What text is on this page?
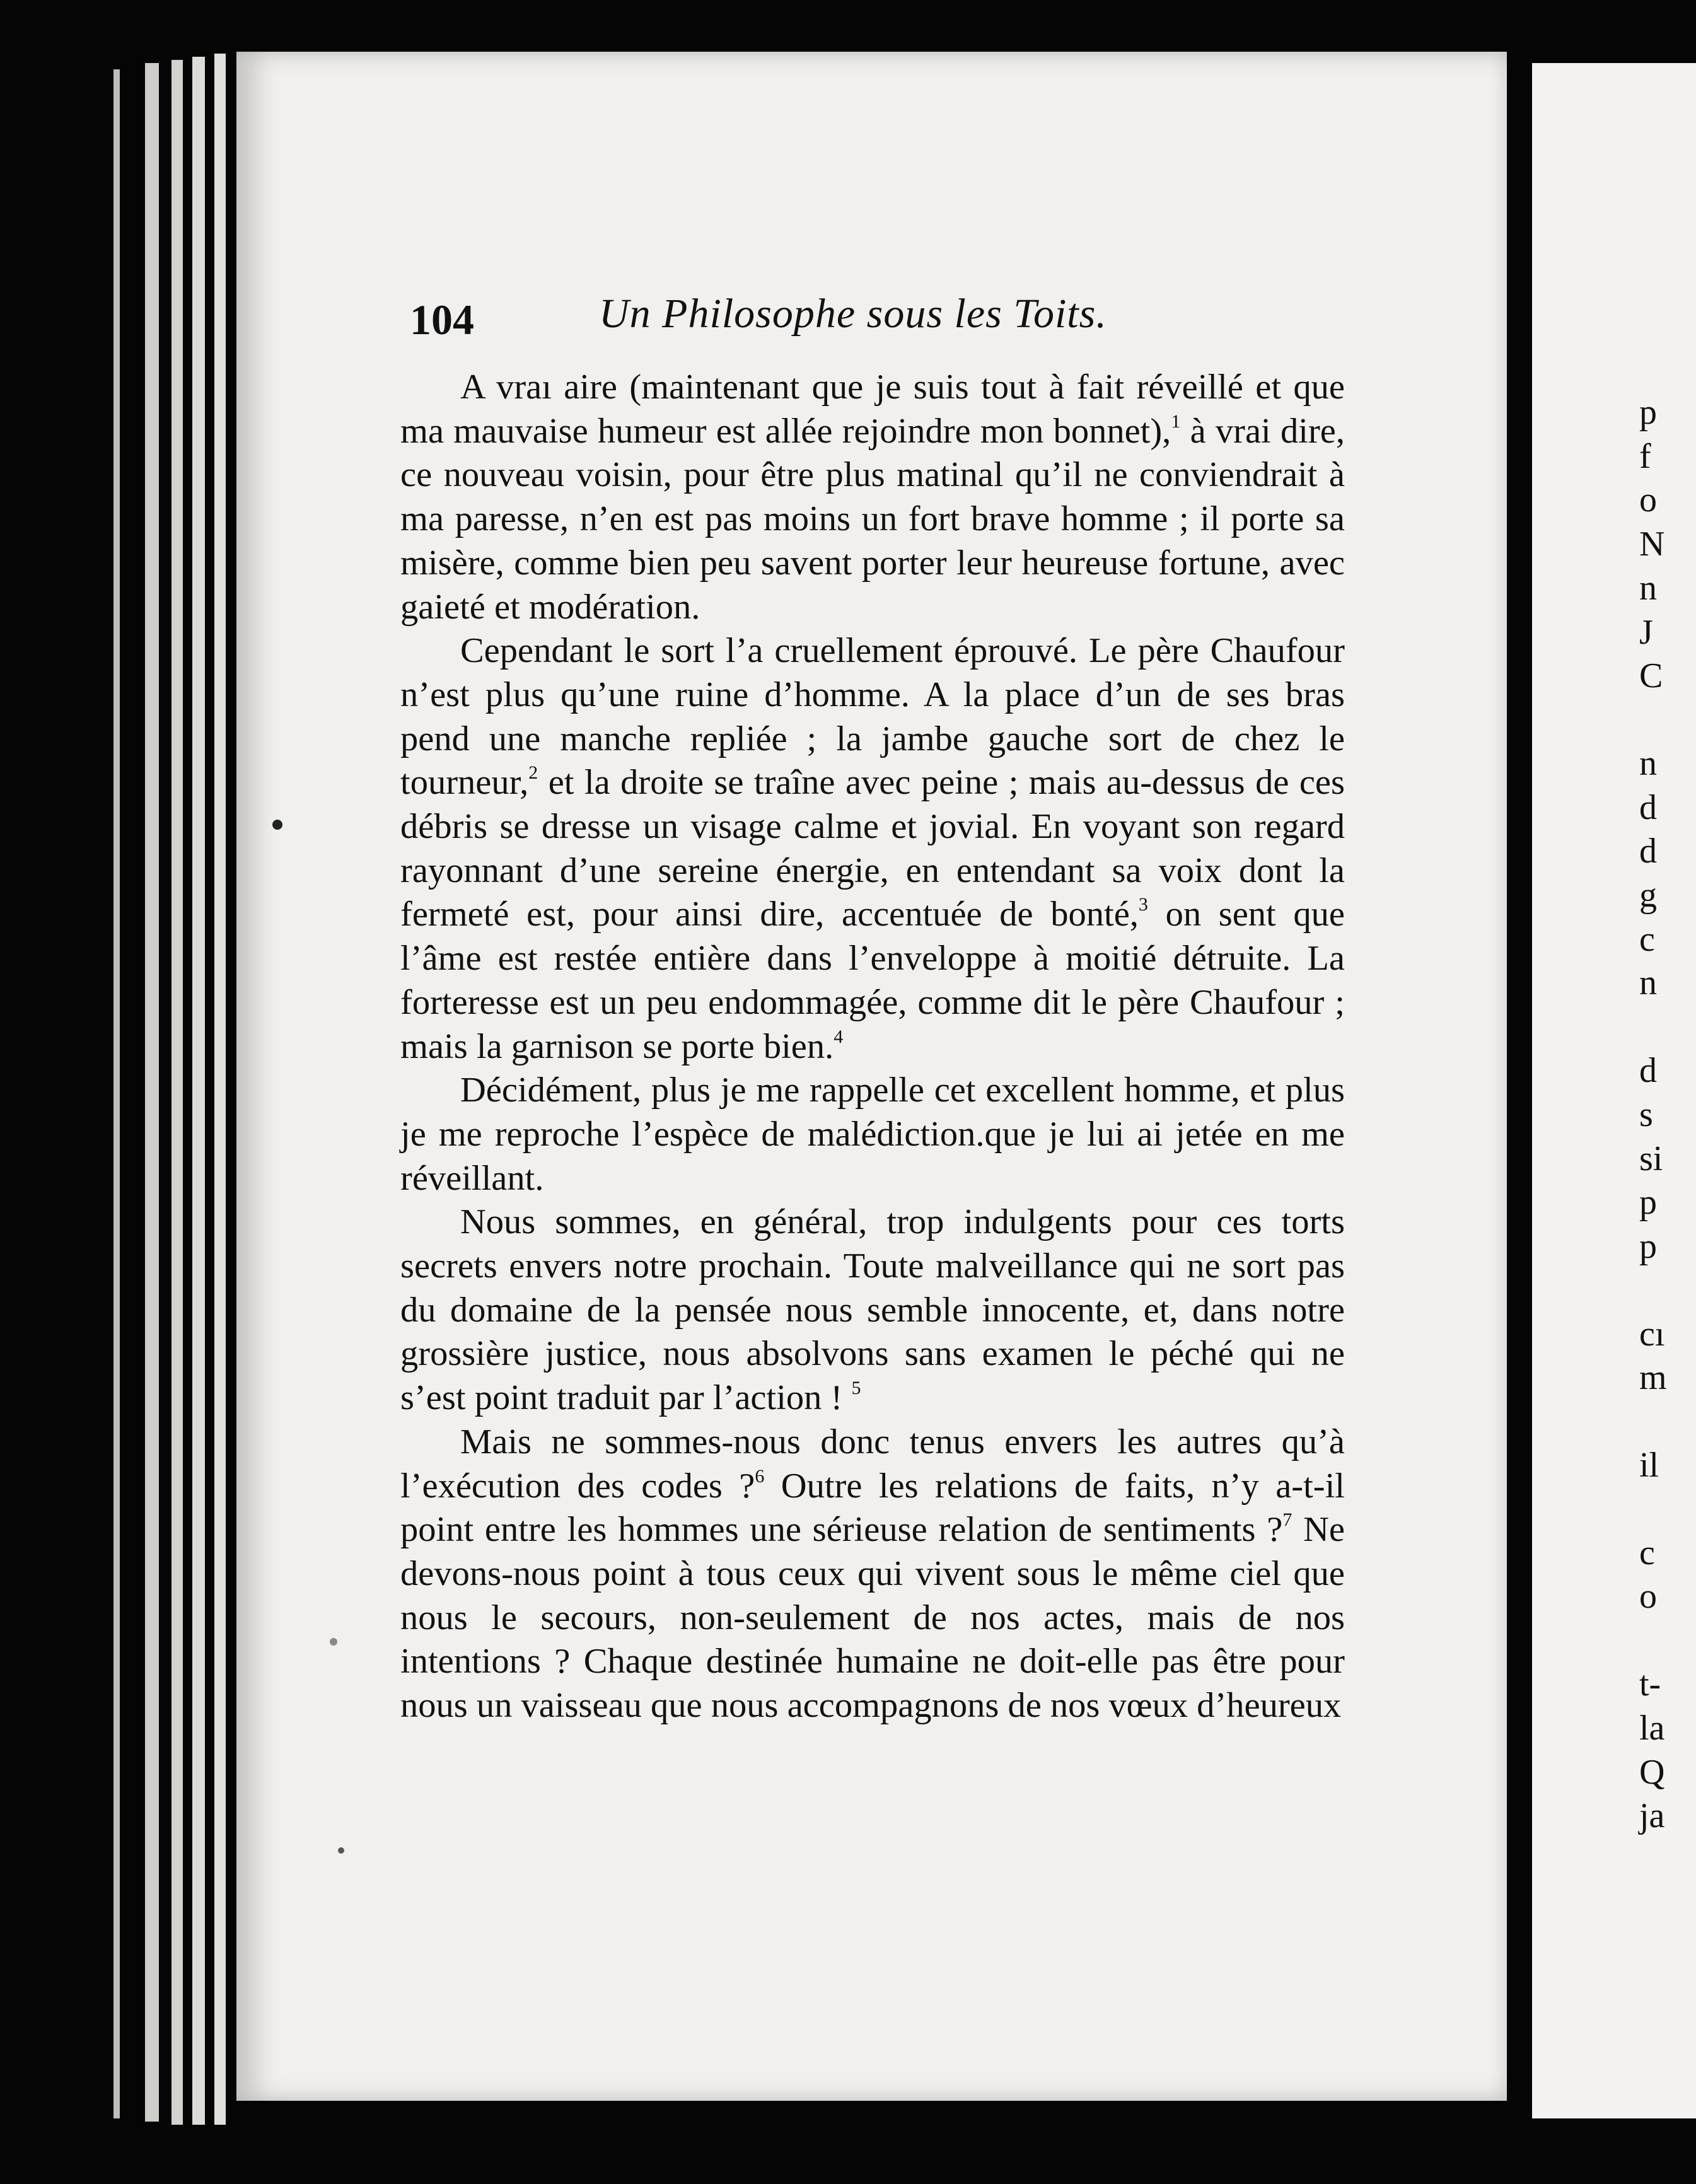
104	Un Philosophe sous les Toits.

A vraı aire (maintenant que je suis tout à fait réveillé et que ma mauvaise humeur est allée rejoindre mon bonnet),$^1$ à vrai dire, ce nouveau voisin, pour être plus matinal qu’il ne conviendrait à ma paresse, n’en est pas moins un fort brave homme ; il porte sa misère, comme bien peu savent porter leur heureuse fortune, avec gaieté et modération.

Cependant le sort l’a cruellement éprouvé. Le père Chaufour n’est plus qu’une ruine d’homme. A la place d’un de ses bras pend une manche repliée ; la jambe gauche sort de chez le tourneur,$^2$ et la droite se traîne avec peine ; mais au-dessus de ces débris se dresse un visage calme et jovial. En voyant son regard rayonnant d’une sereine énergie, en entendant sa voix dont la fermeté est, pour ainsi dire, accentuée de bonté,$^3$ on sent que l’âme est restée entière dans l’enveloppe à moitié détruite. La forteresse est un peu endommagée, comme dit le père Chaufour ; mais la garnison se porte bien.$^4$

Décidément, plus je me rappelle cet excellent homme, et plus je me reproche l’espèce de malédiction.que je lui ai jetée en me réveillant.

Nous sommes, en général, trop indulgents pour ces torts secrets envers notre prochain. Toute malveillance qui ne sort pas du domaine de la pensée nous semble innocente, et, dans notre grossière justice, nous absolvons sans examen le péché qui ne s’est point traduit par l’action ! $^5$

Mais ne sommes-nous donc tenus envers les autres qu’à l’exécution des codes ?$^6$ Outre les relations de faits, n’y a-t-il point entre les hommes une sérieuse relation de sentiments ?$^7$ Ne devons-nous point à tous ceux qui vivent sous le même ciel que nous le secours, non-seulement de nos actes, mais de nos intentions ? Chaque destinée humaine ne doit-elle pas être pour nous un vaisseau que nous accompagnons de nos vœux d’heureux

p
f
o
N
n
J
C
n
d
d
g
c
n
d
s
si
p
p
cı
m
il
c
o
t-
la
Q
ja
